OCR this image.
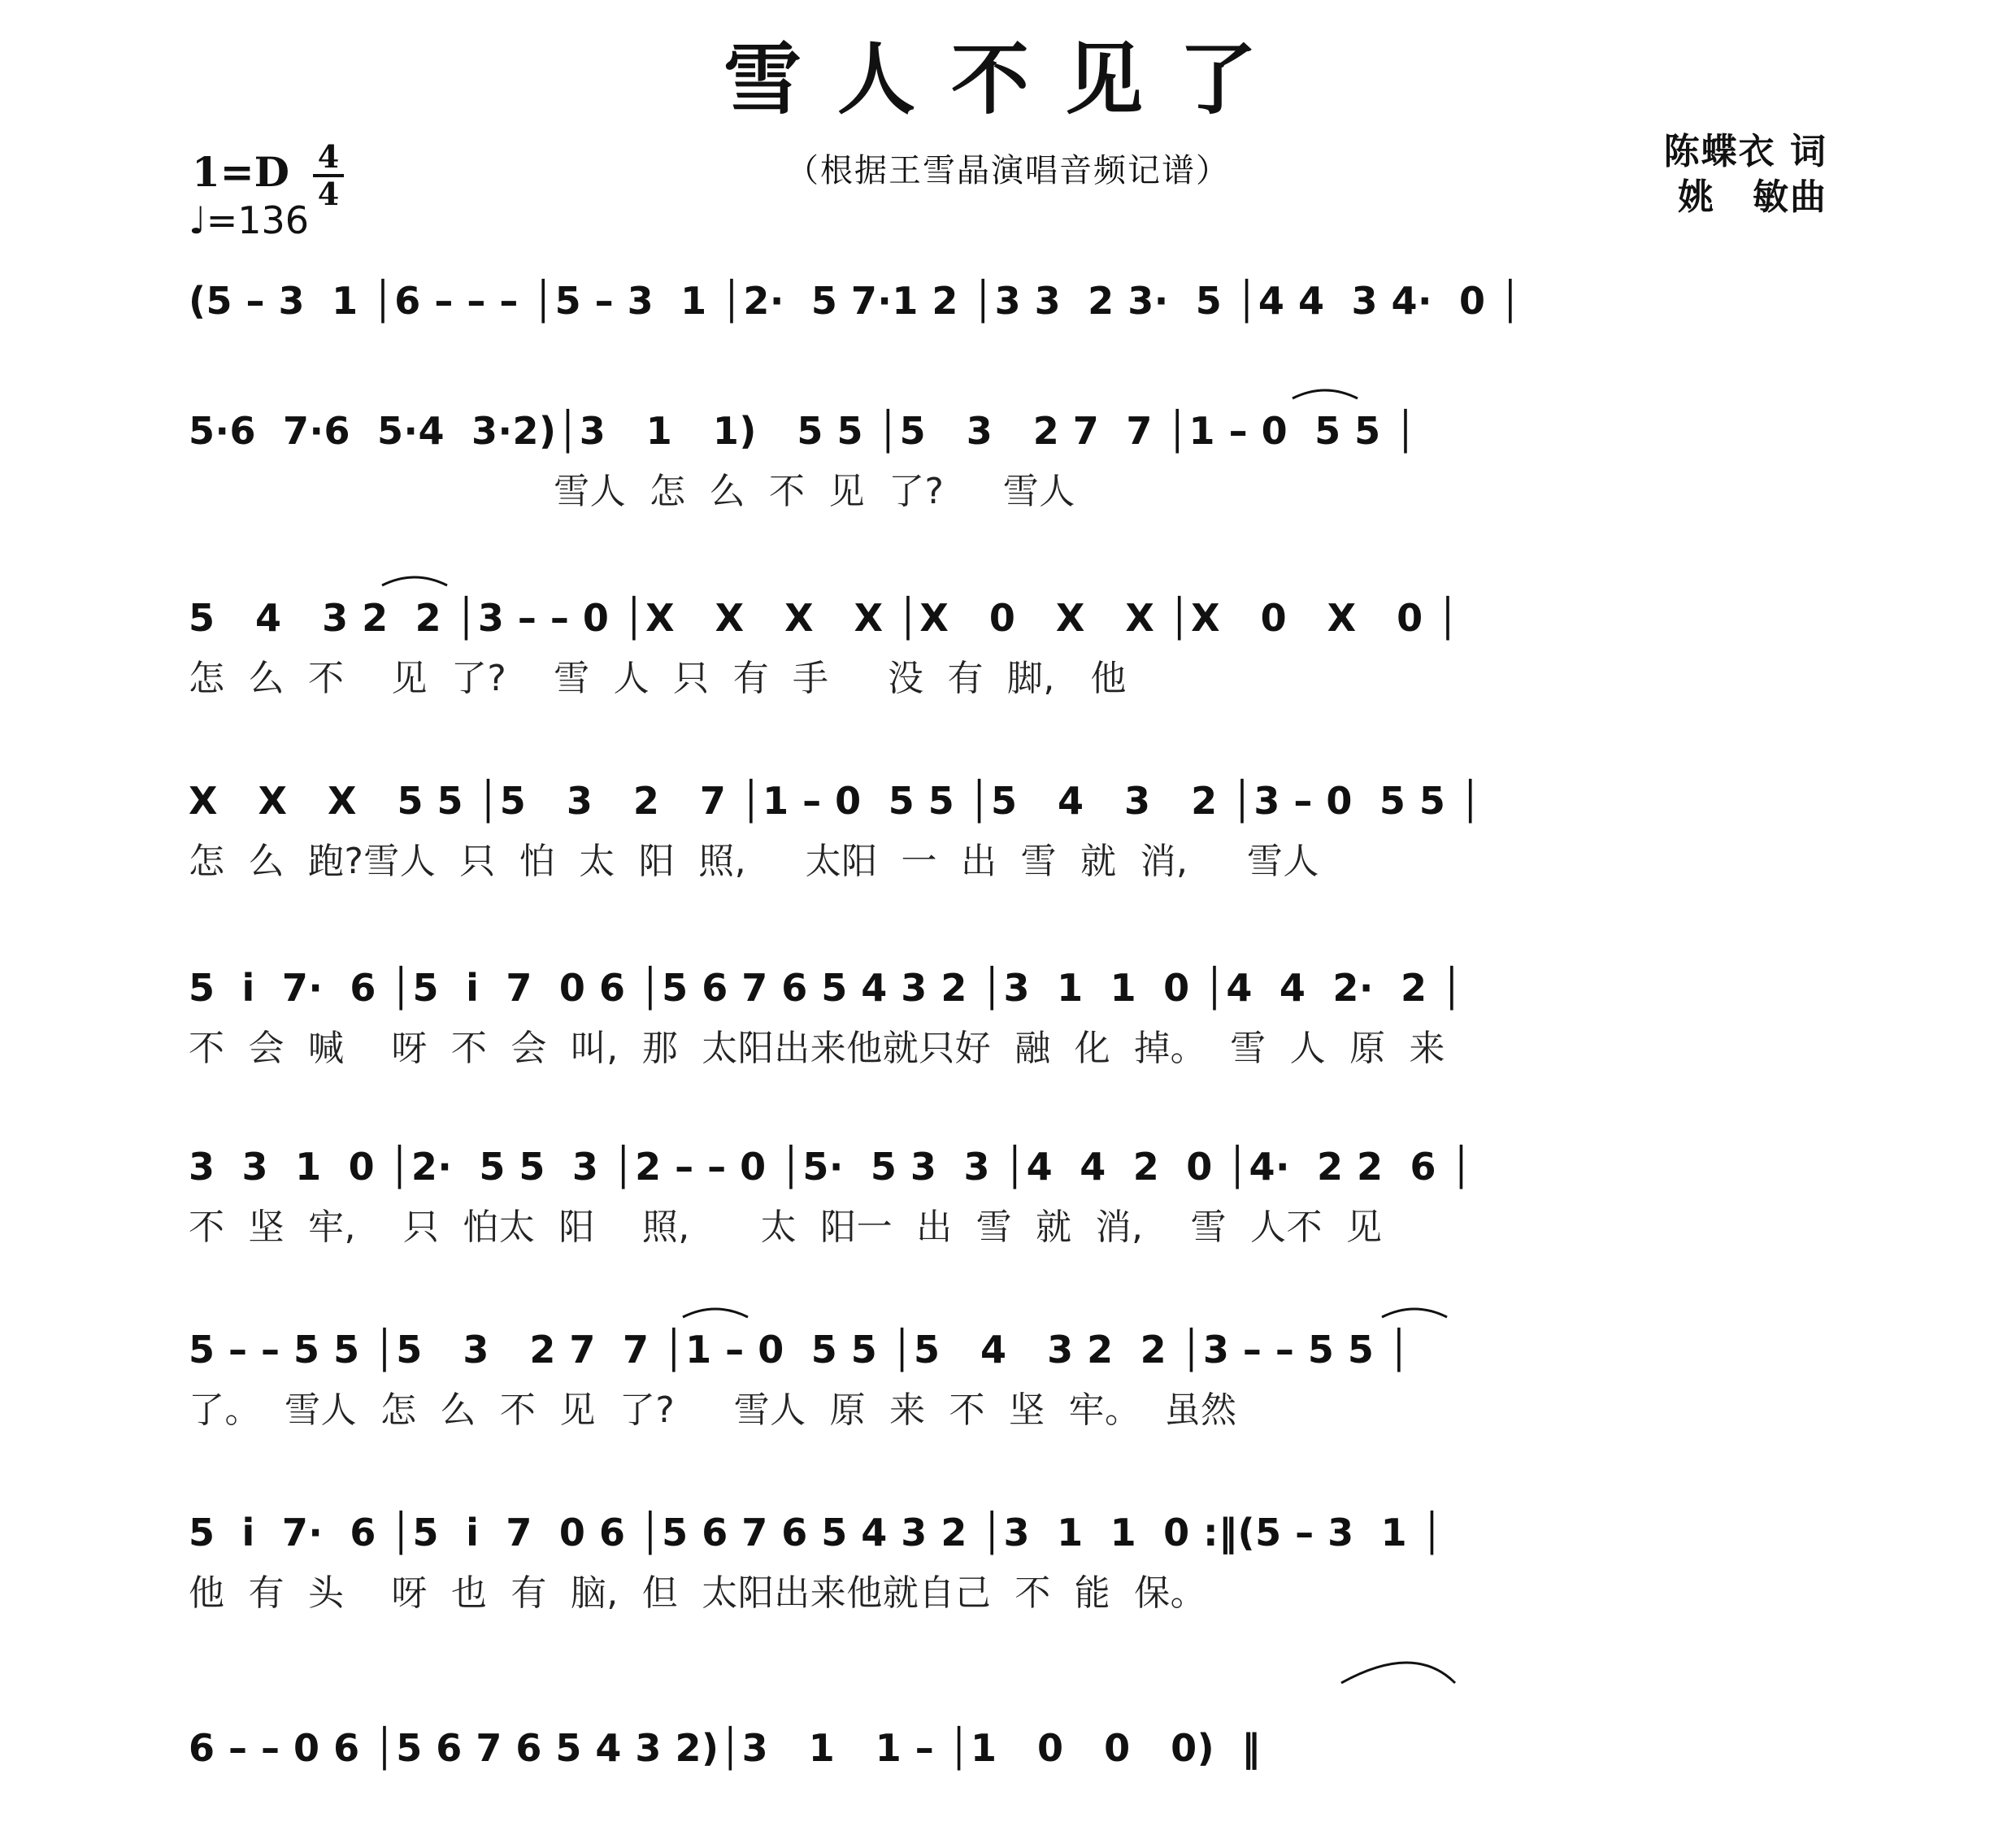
雪人不见了
（根据王雪晶演唱音频记谱）
1=D 4
4
♩=136
陈蝶衣 词
姚　敏曲
(5 – 3  1 │6 – – – │5 – 3  1 │2·  5 7·1 2 │3 3  2 3·  5 │4 4  3 4·  0 │
5·6  7·6  5·4  3·2)│3   1   1)   5 5 │5   3   2 7  7 │1 – 0  5 5 │
雪人  怎  么  不  见  了?     雪人
5   4   3 2  2 │3 – – 0 │X   X   X   X │X   0   X   X │X   0   X   0 │
怎  么  不    见  了?    雪  人  只  有  手     没  有  脚,   他
X   X   X   5 5 │5   3   2   7 │1 – 0  5 5 │5   4   3   2 │3 – 0  5 5 │
怎  么  跑?雪人  只  怕  太  阳  照,     太阳  一  出  雪  就  消,     雪人
5  i  7·  6 │5  i  7  0 6 │5 6 7 6 5 4 3 2 │3  1  1  0 │4  4  2·  2 │
不  会  喊    呀  不  会  叫,  那  太阳出来他就只好  融  化  掉。  雪  人  原  来
3  3  1  0 │2·  5 5  3 │2 – – 0 │5·  5 3  3 │4  4  2  0 │4·  2 2  6 │
不  坚  牢,    只  怕太  阳    照,      太  阳一  出  雪  就  消,    雪  人不  见
5 – – 5 5 │5   3   2 7  7 │1 – 0  5 5 │5   4   3 2  2 │3 – – 5 5 │
了。  雪人  怎  么  不  见  了?     雪人  原  来  不  坚  牢。  虽然
5  i  7·  6 │5  i  7  0 6 │5 6 7 6 5 4 3 2 │3  1  1  0 :‖(5 – 3  1 │
他  有  头    呀  也  有  脑,  但  太阳出来他就自己  不  能  保。
6 – – 0 6 │5 6 7 6 5 4 3 2)│3   1   1 – │1   0   0   0)  ‖
